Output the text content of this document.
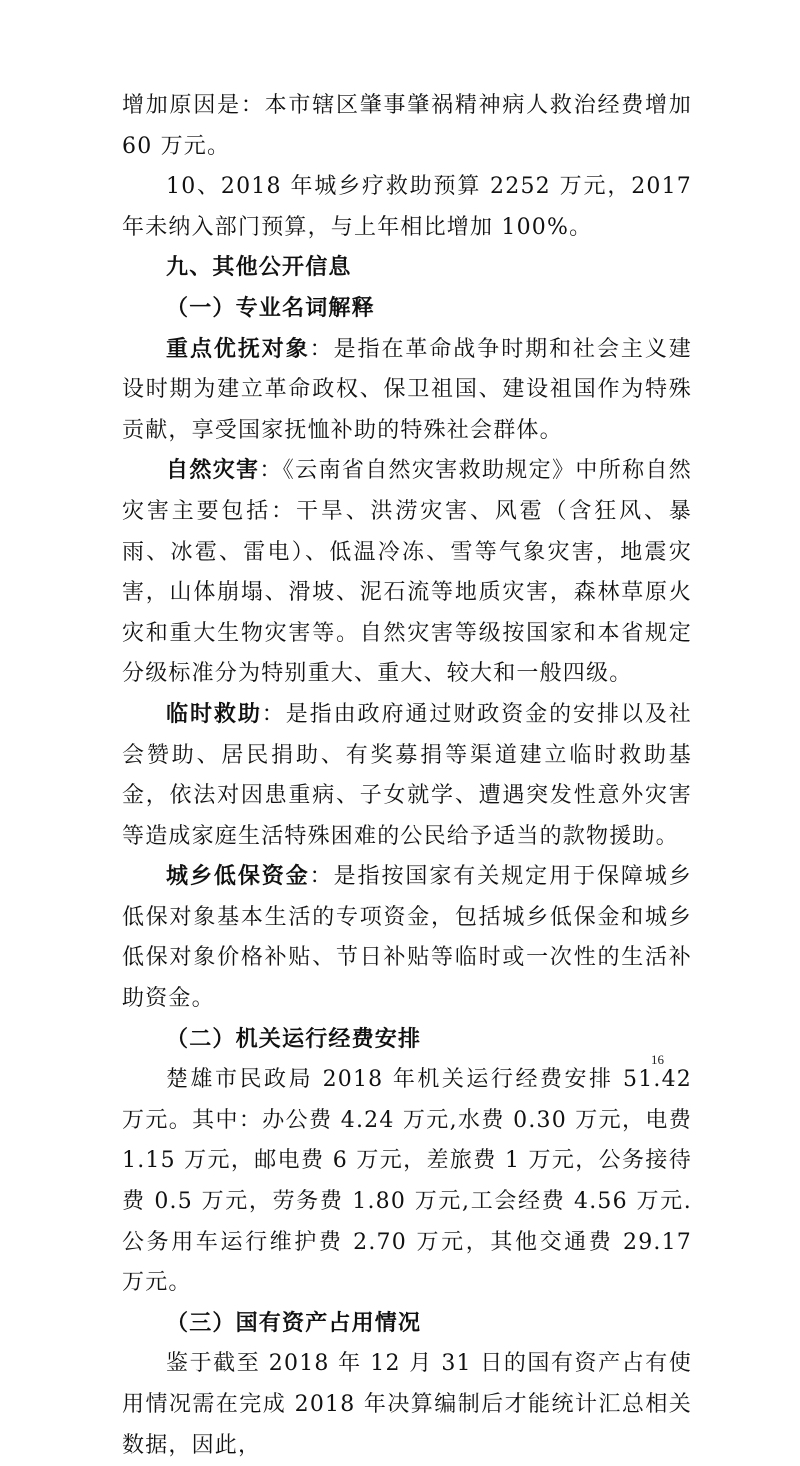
增加原因是：本市辖区肇事肇祸精神病人救治经费增加 60 万元。

10、2018 年城乡疗救助预算 2252 万元，2017 年未纳入部门预算，与上年相比增加 100%。

九、其他公开信息

（一）专业名词解释

重点优抚对象：是指在革命战争时期和社会主义建设时期为建立革命政权、保卫祖国、建设祖国作为特殊贡献，享受国家抚恤补助的特殊社会群体。

自然灾害：《云南省自然灾害救助规定》中所称自然灾害主要包括：干旱、洪涝灾害、风雹（含狂风、暴雨、冰雹、雷电）、低温冷冻、雪等气象灾害，地震灾害，山体崩塌、滑坡、泥石流等地质灾害，森林草原火灾和重大生物灾害等。自然灾害等级按国家和本省规定分级标准分为特别重大、重大、较大和一般四级。

临时救助：是指由政府通过财政资金的安排以及社会赞助、居民捐助、有奖募捐等渠道建立临时救助基金，依法对因患重病、子女就学、遭遇突发性意外灾害等造成家庭生活特殊困难的公民给予适当的款物援助。

城乡低保资金：是指按国家有关规定用于保障城乡低保对象基本生活的专项资金，包括城乡低保金和城乡低保对象价格补贴、节日补贴等临时或一次性的生活补助资金。

（二）机关运行经费安排

楚雄市民政局 2018 年机关运行经费安排 51.42 万元。其中：办公费 4.24 万元,水费 0.30 万元，电费 1.15 万元，邮电费 6 万元，差旅费 1 万元，公务接待费 0.5 万元，劳务费 1.80 万元,工会经费 4.56 万元.公务用车运行维护费 2.70 万元，其他交通费 29.17 万元。

（三）国有资产占用情况

鉴于截至 2018 年 12 月 31 日的国有资产占有使用情况需在完成 2018 年决算编制后才能统计汇总相关数据，因此，

16
